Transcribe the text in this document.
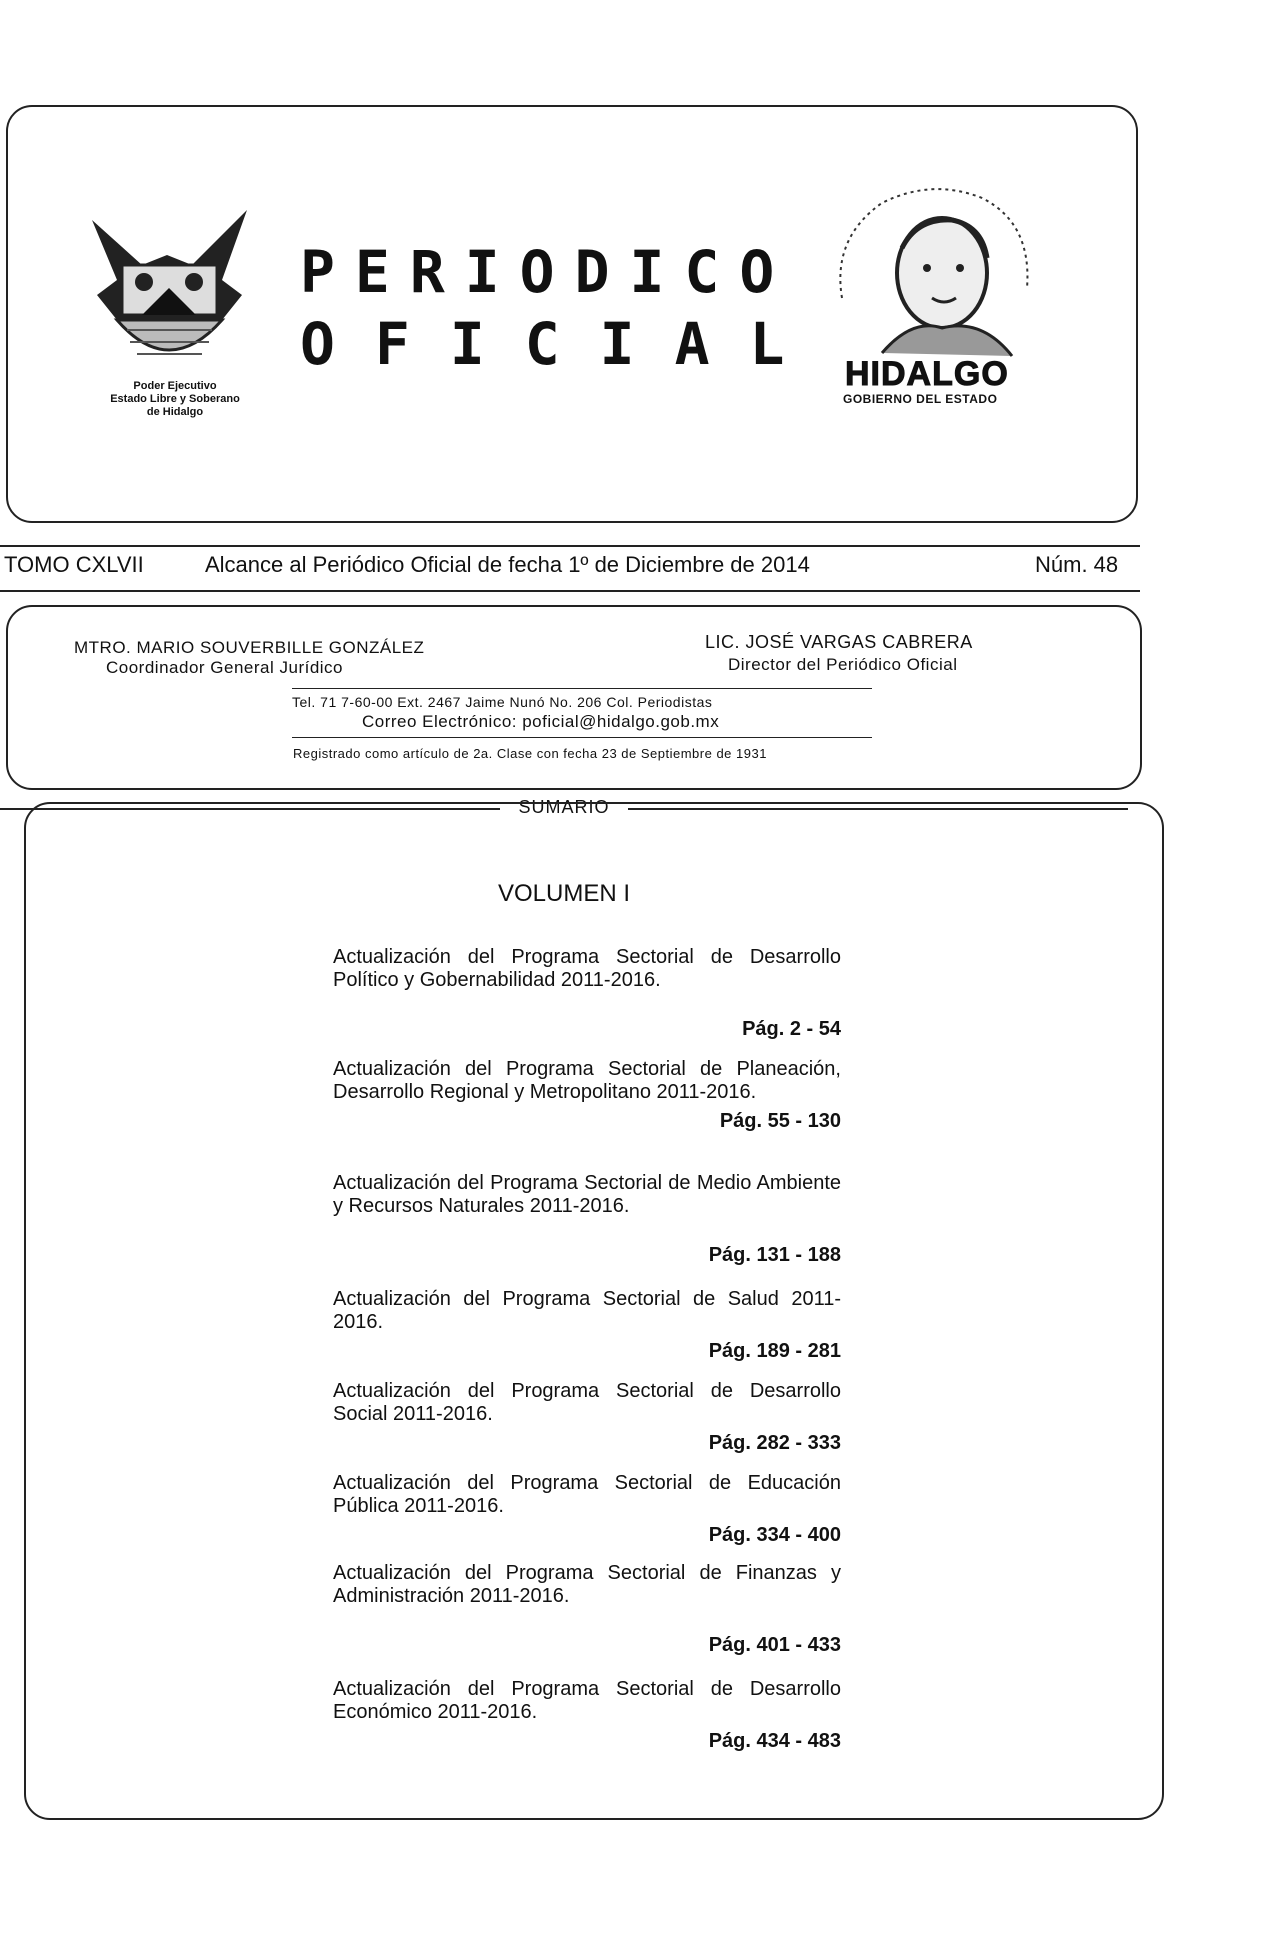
Poder Ejecutivo
Estado Libre y Soberano
de Hidalgo
PERIODICO
OFICIAL HIDALGO
GOBIERNO DEL ESTADO
TOMO CXLVII	Alcance al Periódico Oficial de fecha 1º de Diciembre de 2014	Núm. 48
MTRO. MARIO SOUVERBILLE GONZÁLEZ
Coordinador General Jurídico
LIC. JOSÉ VARGAS CABRERA
Director del Periódico Oficial
Tel. 71 7-60-00 Ext. 2467 Jaime Nunó No. 206 Col. Periodistas
Correo Electrónico: poficial@hidalgo.gob.mx
Registrado como artículo de 2a. Clase con fecha 23 de Septiembre de 1931
SUMARIO
VOLUMEN I
Actualización del Programa Sectorial de Desarrollo Político y Gobernabilidad 2011-2016.
Pág. 2 - 54
Actualización del Programa Sectorial de Planeación, Desarrollo Regional y Metropolitano 2011-2016.
Pág. 55 - 130
Actualización del Programa Sectorial de Medio Ambiente y Recursos Naturales 2011-2016.
Pág. 131 - 188
Actualización del Programa Sectorial de Salud 2011-2016.
Pág. 189 - 281
Actualización del Programa Sectorial de Desarrollo Social 2011-2016.
Pág. 282 - 333
Actualización del Programa Sectorial de Educación Pública 2011-2016.
Pág. 334 - 400
Actualización del Programa Sectorial de Finanzas y Administración 2011-2016.
Pág. 401 - 433
Actualización del Programa Sectorial de Desarrollo Económico 2011-2016.
Pág. 434 - 483
